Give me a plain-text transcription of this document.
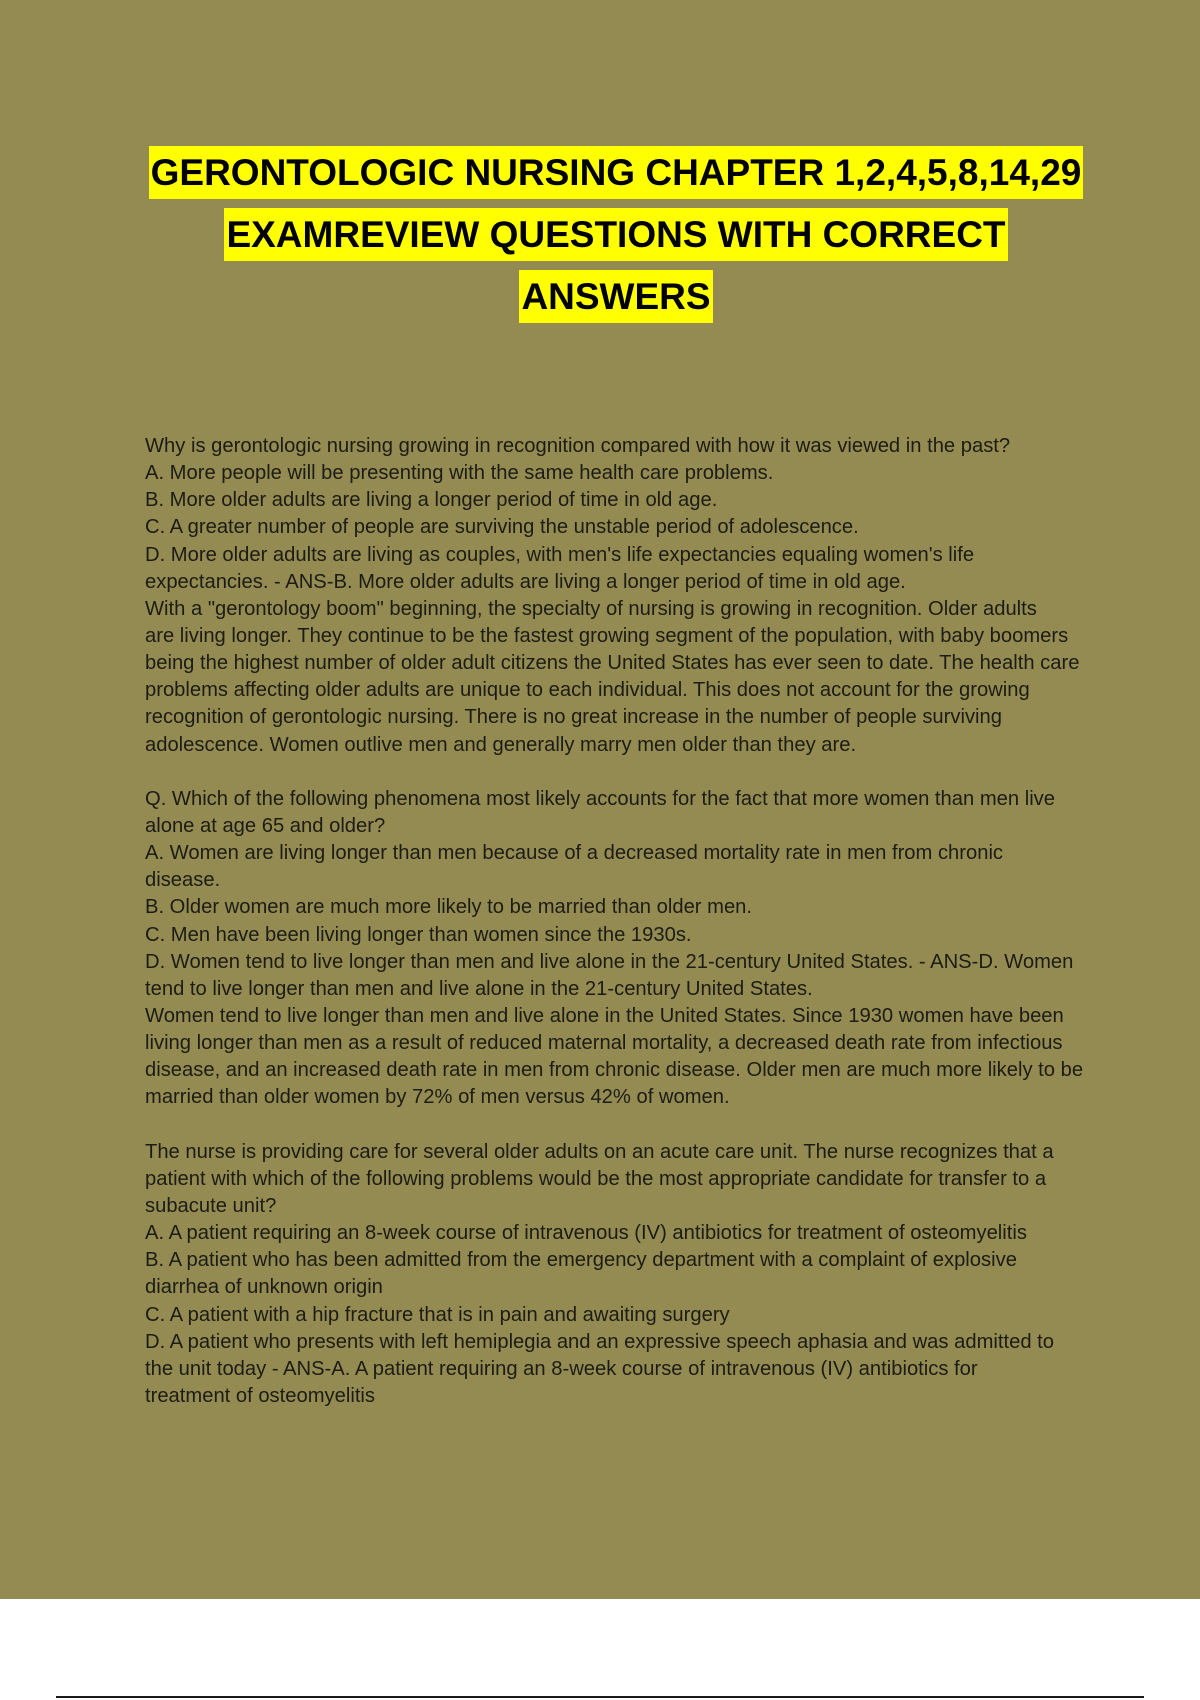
GERONTOLOGIC NURSING CHAPTER 1,2,4,5,8,14,29
EXAMREVIEW QUESTIONS WITH CORRECT
ANSWERS
Why is gerontologic nursing growing in recognition compared with how it was viewed in the past?
A. More people will be presenting with the same health care problems.
B. More older adults are living a longer period of time in old age.
C. A greater number of people are surviving the unstable period of adolescence.
D. More older adults are living as couples, with men's life expectancies equaling women's life
expectancies. - ANS-B. More older adults are living a longer period of time in old age.
With a "gerontology boom" beginning, the specialty of nursing is growing in recognition. Older adults
are living longer. They continue to be the fastest growing segment of the population, with baby boomers
being the highest number of older adult citizens the United States has ever seen to date. The health care
problems affecting older adults are unique to each individual. This does not account for the growing
recognition of gerontologic nursing. There is no great increase in the number of people surviving
adolescence. Women outlive men and generally marry men older than they are.
Q. Which of the following phenomena most likely accounts for the fact that more women than men live
alone at age 65 and older?
A. Women are living longer than men because of a decreased mortality rate in men from chronic
disease.
B. Older women are much more likely to be married than older men.
C. Men have been living longer than women since the 1930s.
D. Women tend to live longer than men and live alone in the 21-century United States. - ANS-D. Women
tend to live longer than men and live alone in the 21-century United States.
Women tend to live longer than men and live alone in the United States. Since 1930 women have been
living longer than men as a result of reduced maternal mortality, a decreased death rate from infectious
disease, and an increased death rate in men from chronic disease. Older men are much more likely to be
married than older women by 72% of men versus 42% of women.
The nurse is providing care for several older adults on an acute care unit. The nurse recognizes that a
patient with which of the following problems would be the most appropriate candidate for transfer to a
subacute unit?
A. A patient requiring an 8-week course of intravenous (IV) antibiotics for treatment of osteomyelitis
B. A patient who has been admitted from the emergency department with a complaint of explosive
diarrhea of unknown origin
C. A patient with a hip fracture that is in pain and awaiting surgery
D. A patient who presents with left hemiplegia and an expressive speech aphasia and was admitted to
the unit today - ANS-A. A patient requiring an 8-week course of intravenous (IV) antibiotics for
treatment of osteomyelitis
